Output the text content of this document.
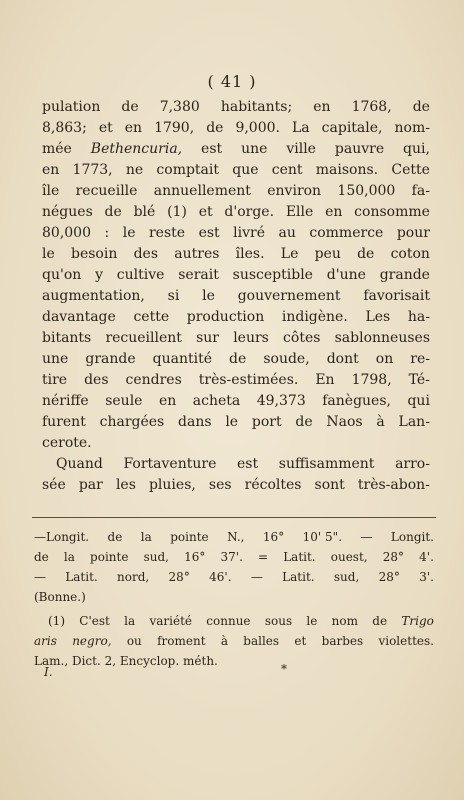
( 41 )
pulation de 7,380 habitants; en 1768, de
8,863; et en 1790, de 9,000. La capitale, nom-
mée Bethencuria, est une ville pauvre qui,
en 1773, ne comptait que cent maisons. Cette
île recueille annuellement environ 150,000 fa-
négues de blé (1) et d'orge. Elle en consomme
80,000 : le reste est livré au commerce pour
le besoin des autres îles. Le peu de coton
qu'on y cultive serait susceptible d'une grande
augmentation, si le gouvernement favorisait
davantage cette production indigène. Les ha-
bitants recueillent sur leurs côtes sablonneuses
une grande quantité de soude, dont on re-
tire des cendres très-estimées. En 1798, Té-
nériffe seule en acheta 49,373 fanègues, qui
furent chargées dans le port de Naos à Lan-
cerote.
Quand Fortaventure est suffisamment arro-
sée par les pluies, ses récoltes sont très-abon-
—Longit. de la pointe N., 16° 10' 5". — Longit.
de la pointe sud, 16° 37'. = Latit. ouest, 28° 4'.
— Latit. nord, 28° 46'. — Latit. sud, 28° 3'.
(Bonne.)
(1) C'est la variété connue sous le nom de Trigo
aris negro, ou froment à balles et barbes violettes.
Lam.,
Dict.
2,
Encyclop.
méth.
I.	*
